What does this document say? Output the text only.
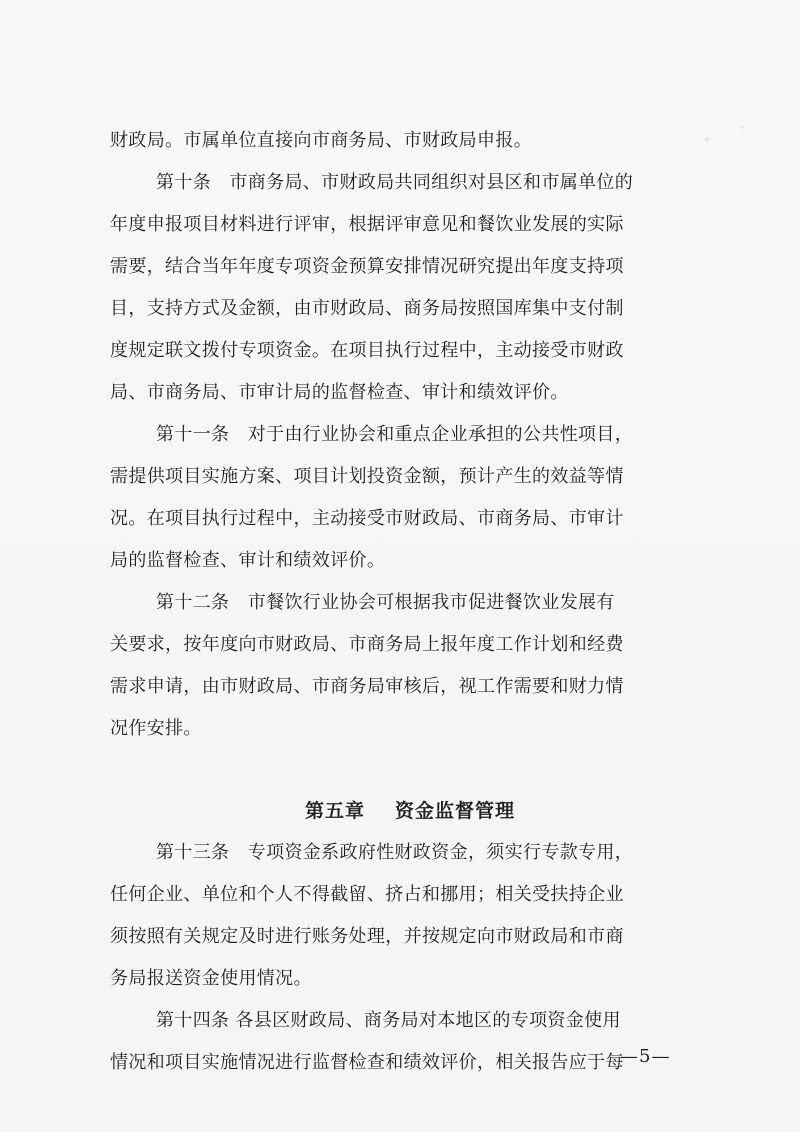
财政局。市属单位直接向市商务局、市财政局申报。
第十条　市商务局、市财政局共同组织对县区和市属单位的
年度申报项目材料进行评审，根据评审意见和餐饮业发展的实际
需要，结合当年年度专项资金预算安排情况研究提出年度支持项
目，支持方式及金额，由市财政局、商务局按照国库集中支付制
度规定联文拨付专项资金。在项目执行过程中，主动接受市财政
局、市商务局、市审计局的监督检查、审计和绩效评价。
第十一条　对于由行业协会和重点企业承担的公共性项目，
需提供项目实施方案、项目计划投资金额，预计产生的效益等情
况。在项目执行过程中，主动接受市财政局、市商务局、市审计
局的监督检查、审计和绩效评价。
第十二条　市餐饮行业协会可根据我市促进餐饮业发展有
关要求，按年度向市财政局、市商务局上报年度工作计划和经费
需求申请，由市财政局、市商务局审核后，视工作需要和财力情
况作安排。
第五章 资金监督管理
第十三条　专项资金系政府性财政资金，须实行专款专用，
任何企业、单位和个人不得截留、挤占和挪用；相关受扶持企业
须按照有关规定及时进行账务处理，并按规定向市财政局和市商
务局报送资金使用情况。
第十四条 各县区财政局、商务局对本地区的专项资金使用
情况和项目实施情况进行监督检查和绩效评价，相关报告应于每
—5—
